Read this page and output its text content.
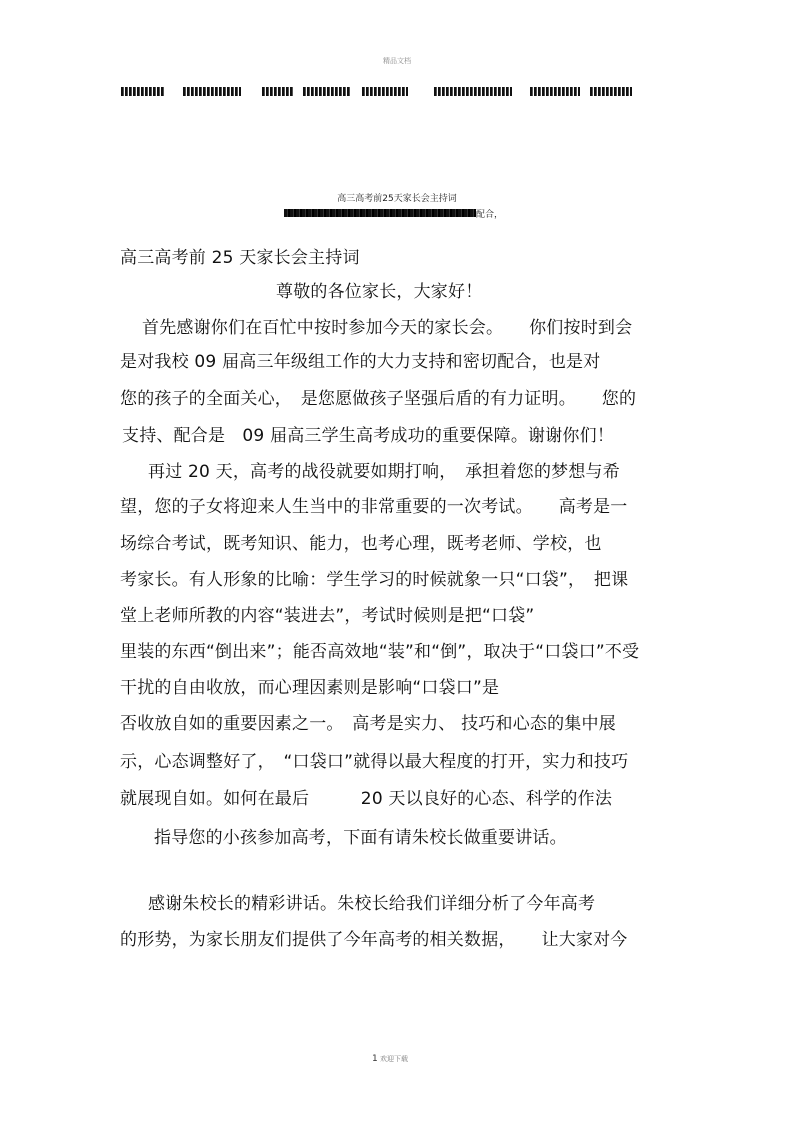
精品文档
高三高考前25天家长会主持词
配合，
高三高考前 25 天家长会主持词
尊敬的各位家长，大家好！
首先感谢你们在百忙中按时参加今天的家长会。　　你们按时到会
是对我校 09 届高三年级组工作的大力支持和密切配合，也是对
您的孩子的全面关心，　是您愿做孩子坚强后盾的有力证明。　　您的
支持、配合是　09 届高三学生高考成功的重要保障。谢谢你们！
再过 20 天，高考的战役就要如期打响，　承担着您的梦想与希
望，您的子女将迎来人生当中的非常重要的一次考试。　　高考是一
场综合考试，既考知识、能力，也考心理，既考老师、学校，也
考家长。有人形象的比喻：学生学习的时候就象一只“口袋”，　把课
堂上老师所教的内容“装进去”，考试时候则是把“口袋”
里装的东西“倒出来”；能否高效地“装”和“倒”，取决于“口袋口”不受
干扰的自由收放，而心理因素则是影响“口袋口”是
否收放自如的重要因素之一。　高考是实力、 技巧和心态的集中展
示，心态调整好了，　“口袋口”就得以最大程度的打开，实力和技巧
就展现自如。如何在最后　　　20 天以良好的心态、科学的作法
指导您的小孩参加高考，下面有请朱校长做重要讲话。
感谢朱校长的精彩讲话。朱校长给我们详细分析了今年高考
的形势，为家长朋友们提供了今年高考的相关数据，　　让大家对今
1 欢迎下载
